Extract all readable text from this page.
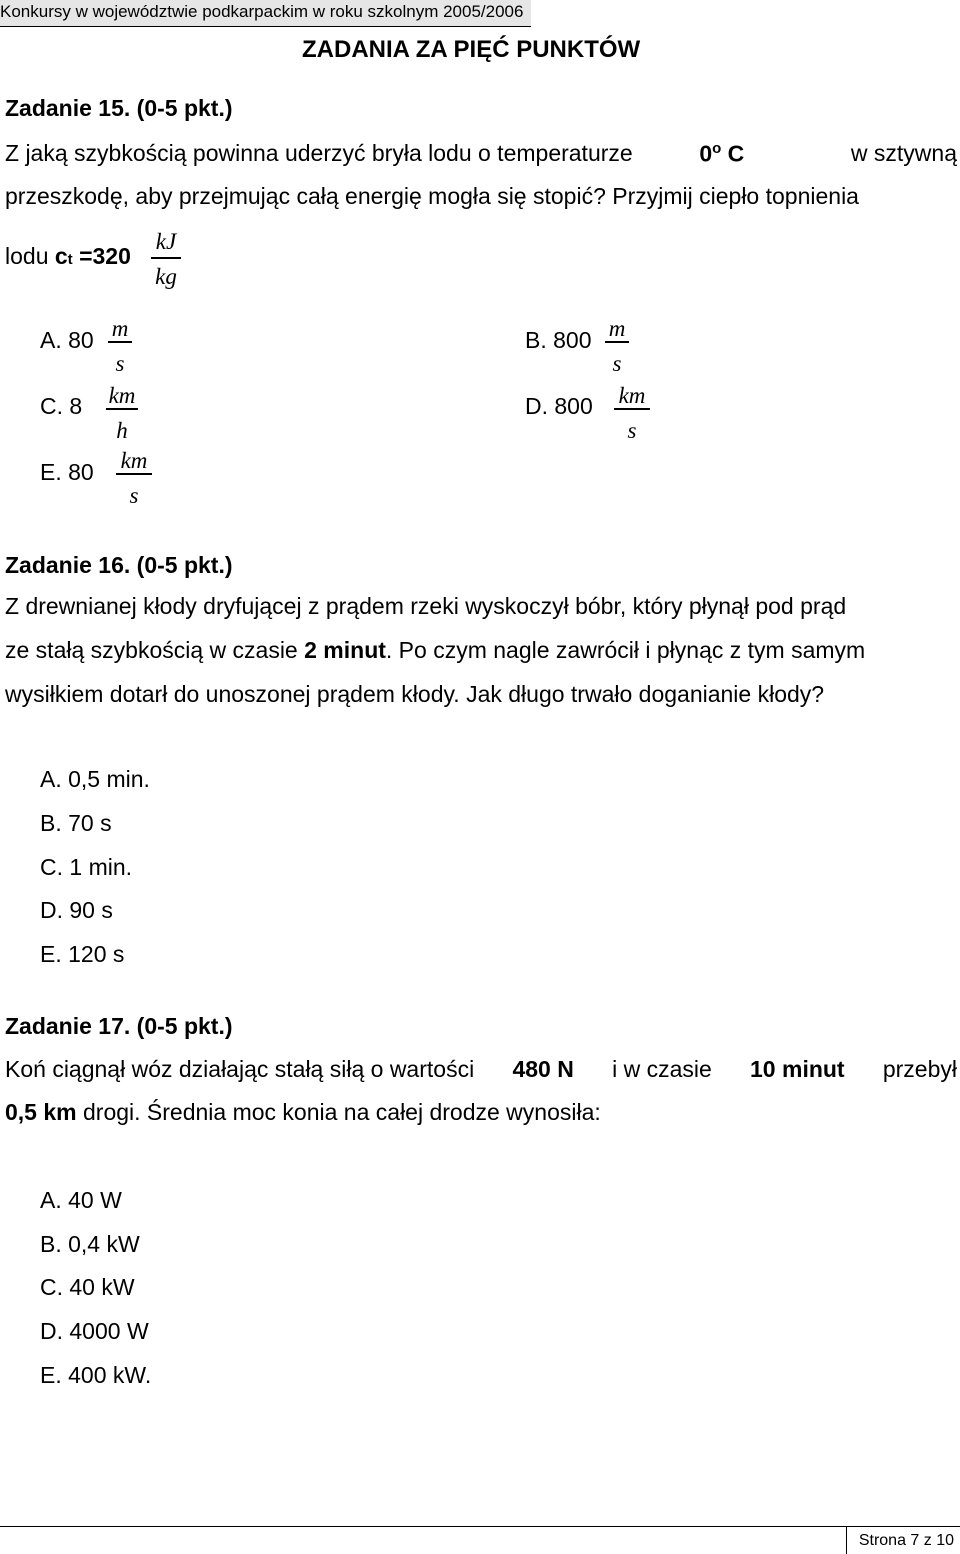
Konkursy w województwie podkarpackim w roku szkolnym 2005/2006
ZADANIA ZA PIĘĆ PUNKTÓW
Zadanie 15. (0-5 pkt.)
Z jaką szybkością powinna uderzyć bryła lodu o temperaturze	0$^o$ C	w sztywną
przeszkodę, aby przejmując całą energię mogła się stopić? Przyjmij ciepło topnienia
lodu ct =320
kJ
kg
A. 80 m
s
B. 800 m
s
C. 8 km
h
D. 800 km
s
E. 80 km
s
Zadanie 16. (0-5 pkt.)
Z drewnianej kłody dryfującej z prądem rzeki wyskoczył bóbr, który płynął pod prąd
ze stałą szybkością w czasie 2 minut. Po czym nagle zawrócił i płynąc z tym samym
wysiłkiem dotarł do unoszonej prądem kłody. Jak długo trwało doganianie kłody?
A. 0,5 min.
B. 70 s
C. 1 min.
D. 90 s
E. 120 s
Zadanie 17. (0-5 pkt.)
Koń ciągnął wóz działając stałą siłą o wartości 480 N i w czasie 10 minut przebył
0,5 km drogi. Średnia moc konia na całej drodze wynosiła:
A. 40 W
B. 0,4 kW
C. 40 kW
D. 4000 W
E. 400 kW.
Strona 7 z 10
